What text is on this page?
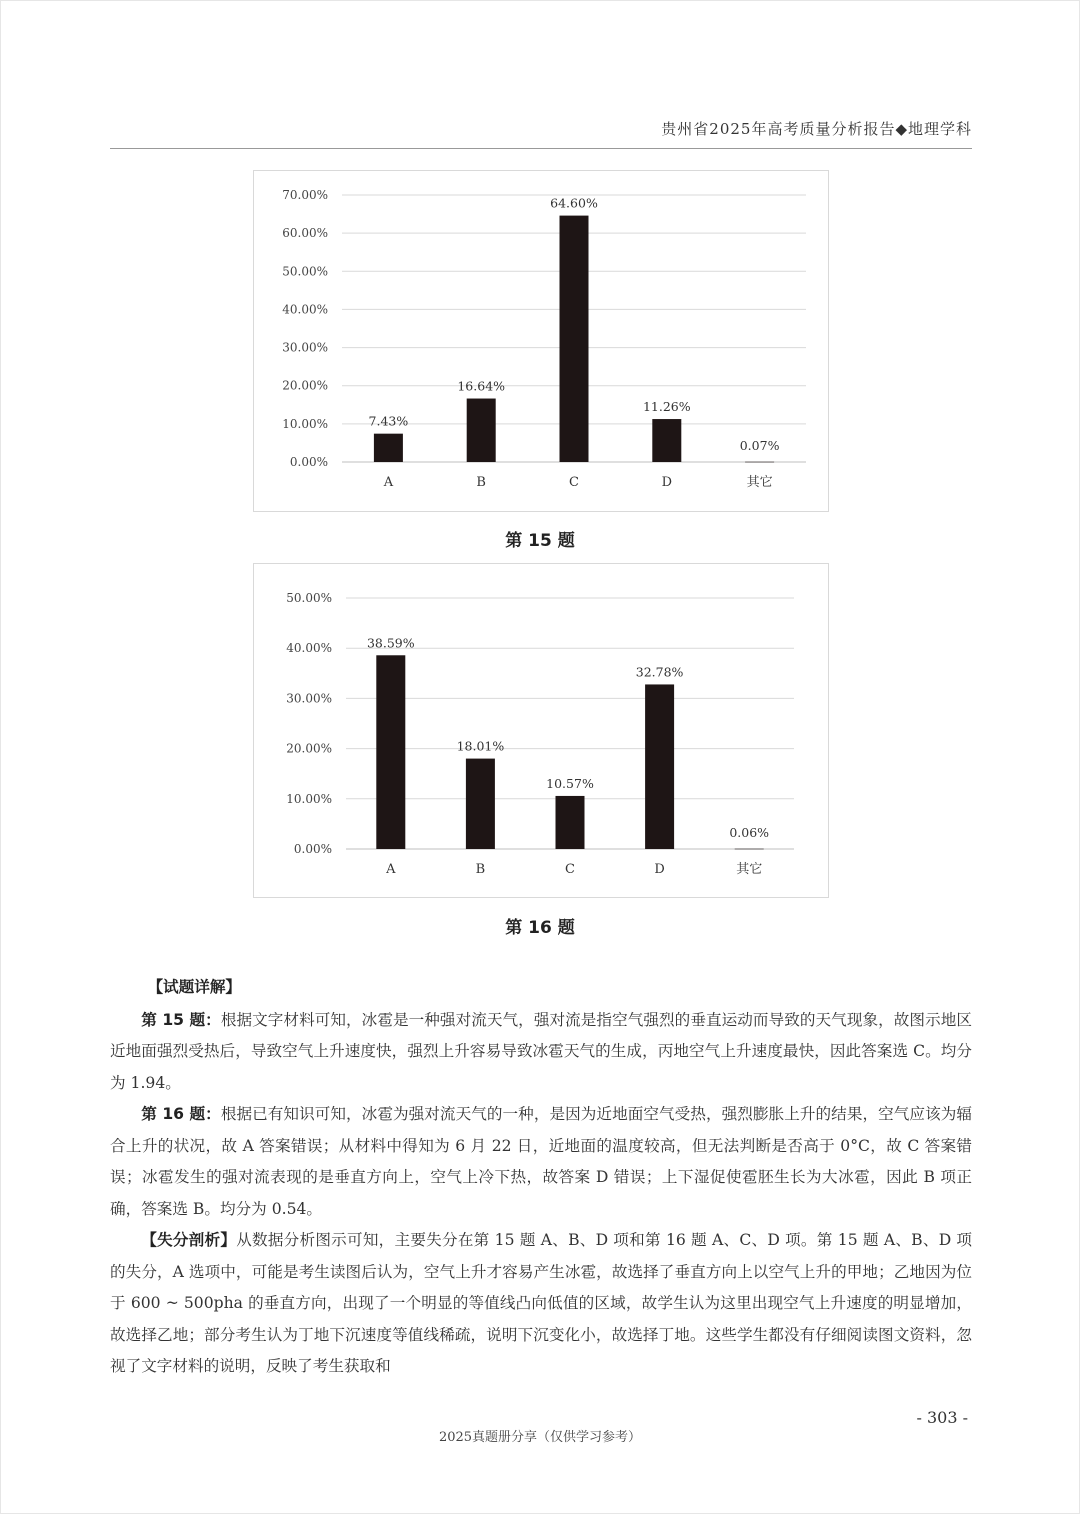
贵州省2025年高考质量分析报告◆地理学科
0.00%
10.00%
20.00%
30.00%
40.00%
50.00%
60.00%
70.00%
7.43%
A
16.64%
B
64.60%
C
11.26%
D
0.07%
其它
第 15 题
0.00%
10.00%
20.00%
30.00%
40.00%
50.00%
38.59%
A
18.01%
B
10.57%
C
32.78%
D
0.06%
其它
第 16 题

【试题详解】

第 15 题：根据文字材料可知，冰雹是一种强对流天气，强对流是指空气强烈的垂直运动而导致的天气现象，故图示地区近地面强烈受热后，导致空气上升速度快，强烈上升容易导致冰雹天气的生成，丙地空气上升速度最快，因此答案选 C。均分为 1.94。

第 16 题：根据已有知识可知，冰雹为强对流天气的一种，是因为近地面空气受热，强烈膨胀上升的结果，空气应该为辐合上升的状况，故 A 答案错误；从材料中得知为 6 月 22 日，近地面的温度较高，但无法判断是否高于 0°C，故 C 答案错误；冰雹发生的强对流表现的是垂直方向上，空气上冷下热，故答案 D 错误；上下湿促使雹胚生长为大冰雹，因此 B 项正确，答案选 B。均分为 0.54。

【失分剖析】从数据分析图示可知，主要失分在第 15 题 A、B、D 项和第 16 题 A、C、D 项。第 15 题 A、B、D 项的失分，A 选项中，可能是考生读图后认为，空气上升才容易产生冰雹，故选择了垂直方向上以空气上升的甲地；乙地因为位于 600 ~ 500pha 的垂直方向，出现了一个明显的等值线凸向低值的区域，故学生认为这里出现空气上升速度的明显增加，故选择乙地；部分考生认为丁地下沉速度等值线稀疏，说明下沉变化小，故选择丁地。这些学生都没有仔细阅读图文资料，忽视了文字材料的说明，反映了考生获取和

- 303 -
2025真题册分享（仅供学习参考）
